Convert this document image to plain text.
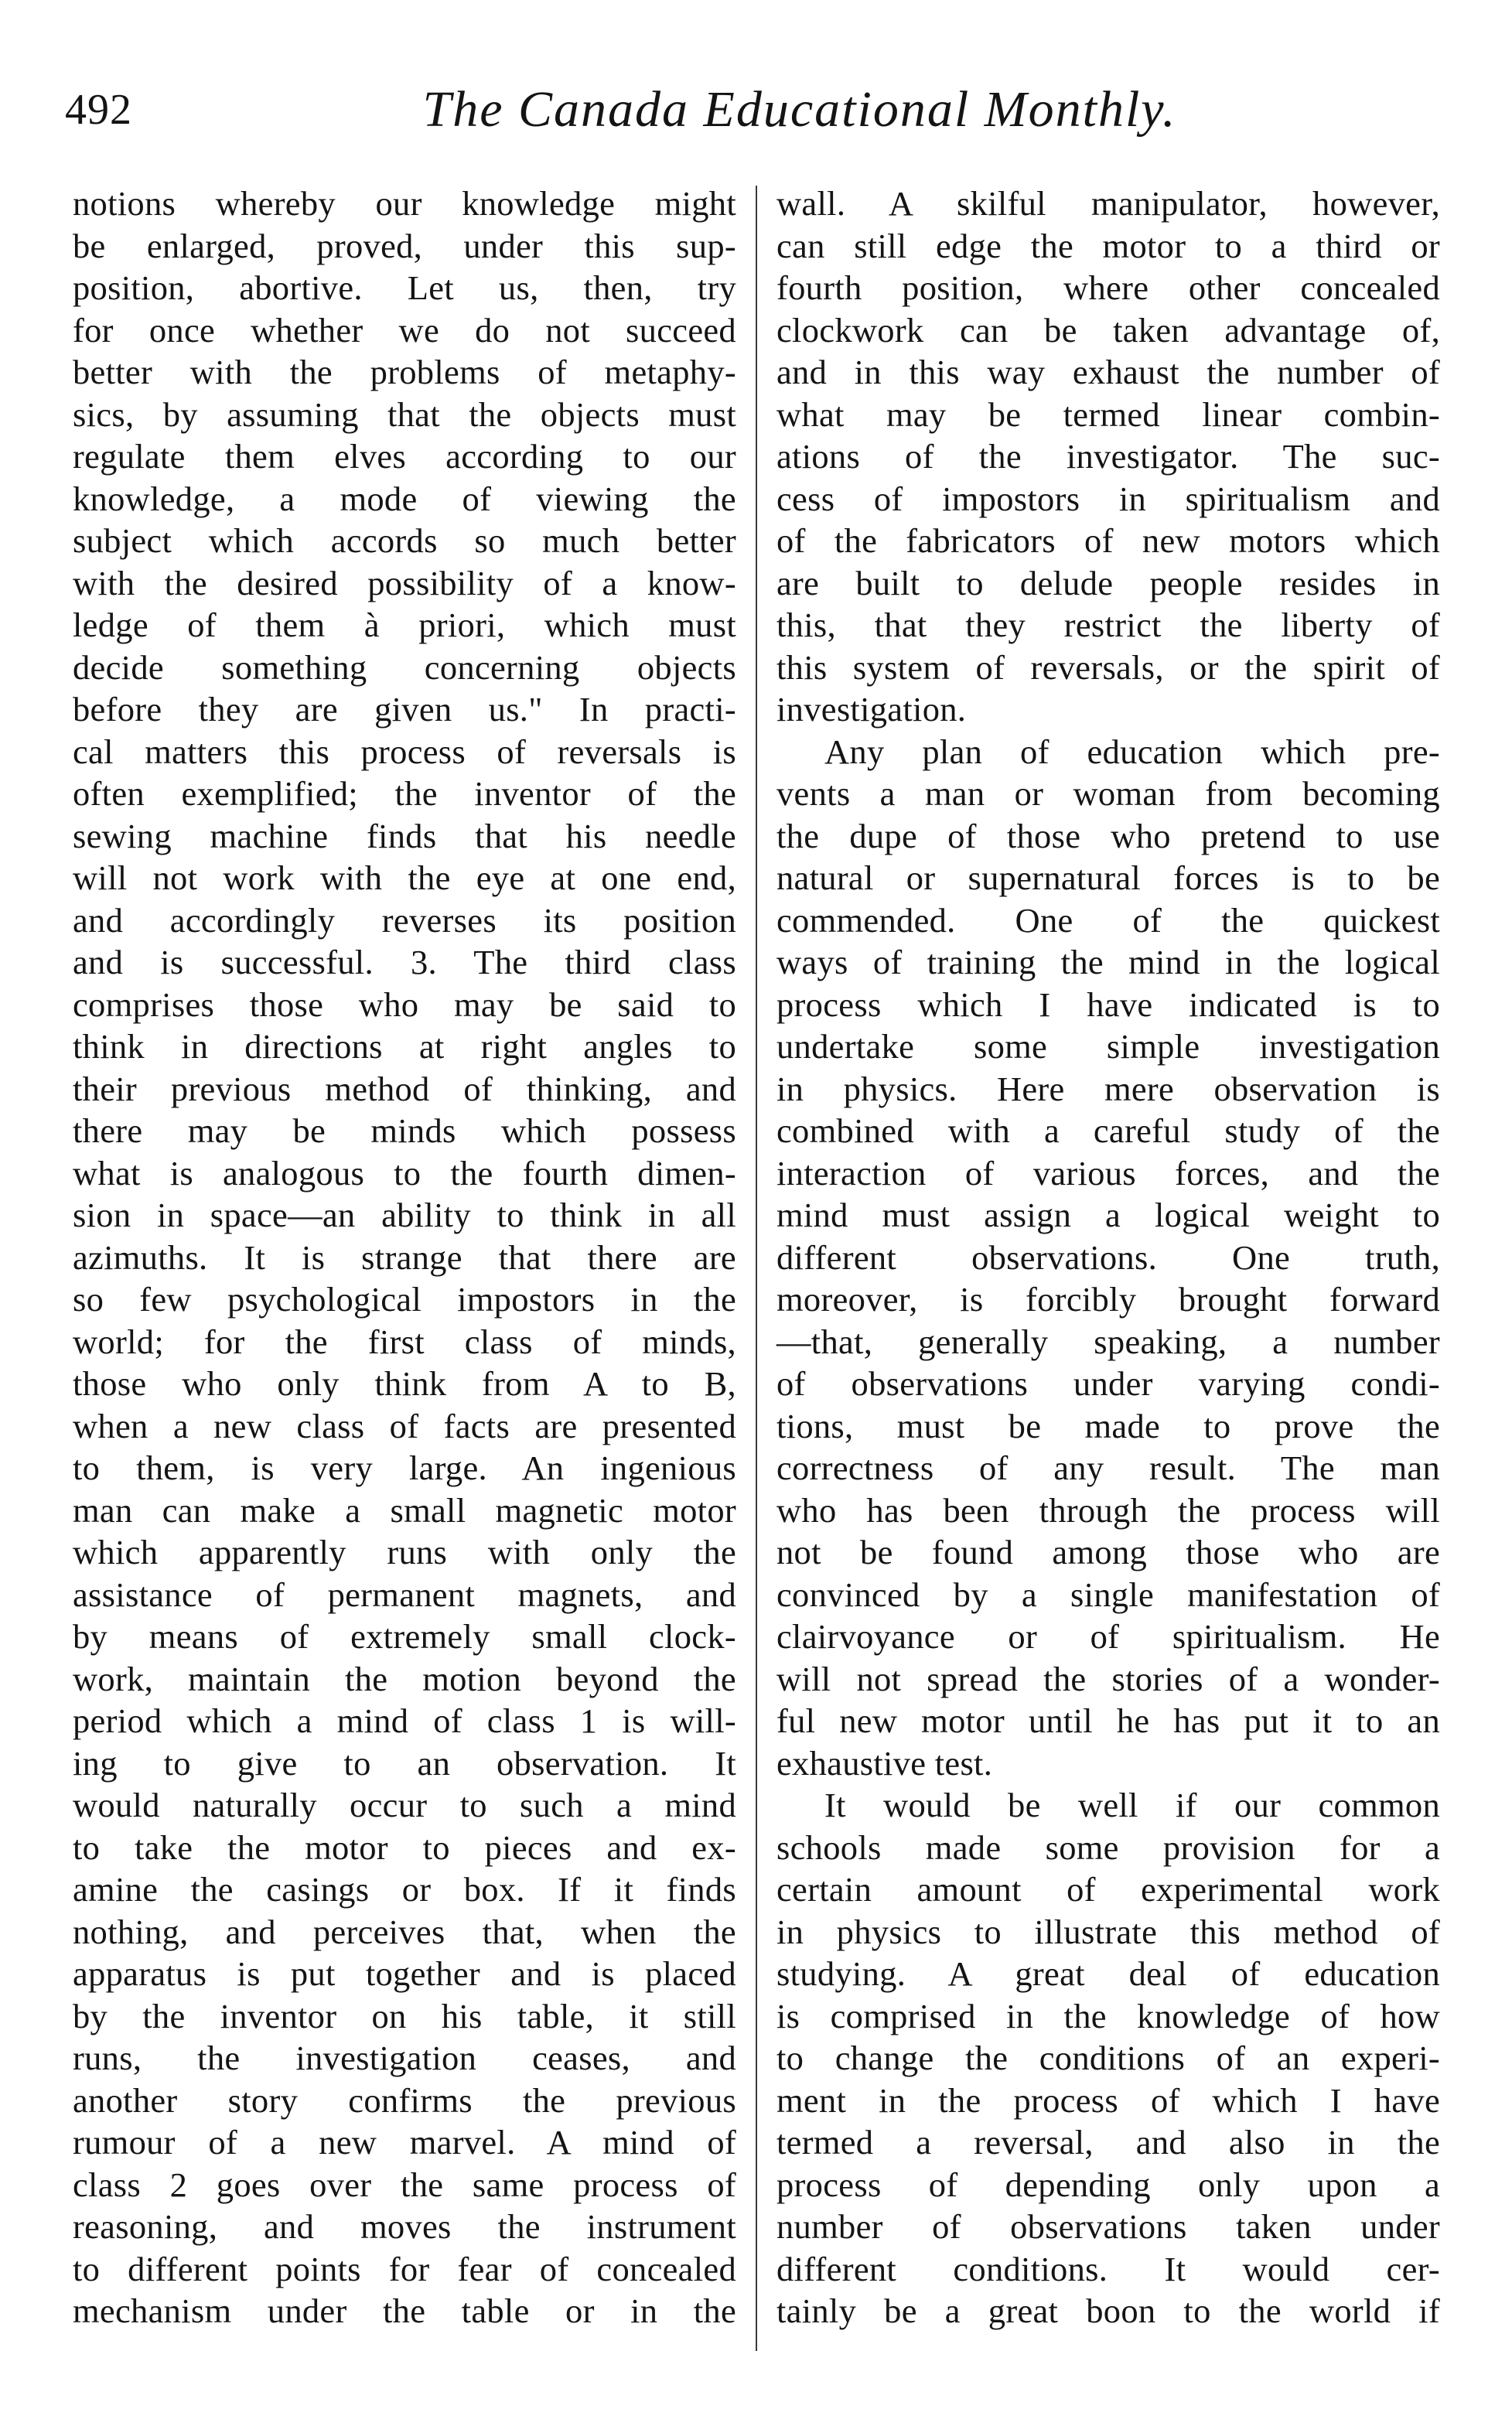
492	The Canada Educational Monthly.
notions whereby our knowledge might
be enlarged, proved, under this sup-
position, abortive. Let us, then, try
for once whether we do not succeed
better with the problems of metaphy-
sics, by assuming that the objects must
regulate them elves according to our
knowledge, a mode of viewing the
subject which accords so much better
with the desired possibility of a know-
ledge of them à priori, which must
decide something concerning objects
before they are given us." In practi-
cal matters this process of reversals is
often exemplified; the inventor of the
sewing machine finds that his needle
will not work with the eye at one end,
and accordingly reverses its position
and is successful. 3. The third class
comprises those who may be said to
think in directions at right angles to
their previous method of thinking, and
there may be minds which possess
what is analogous to the fourth dimen-
sion in space—an ability to think in all
azimuths. It is strange that there are
so few psychological impostors in the
world; for the first class of minds,
those who only think from A to B,
when a new class of facts are presented
to them, is very large. An ingenious
man can make a small magnetic motor
which apparently runs with only the
assistance of permanent magnets, and
by means of extremely small clock-
work, maintain the motion beyond the
period which a mind of class 1 is will-
ing to give to an observation. It
would naturally occur to such a mind
to take the motor to pieces and ex-
amine the casings or box. If it finds
nothing, and perceives that, when the
apparatus is put together and is placed
by the inventor on his table, it still
runs, the investigation ceases, and
another story confirms the previous
rumour of a new marvel. A mind of
class 2 goes over the same process of
reasoning, and moves the instrument
to different points for fear of concealed
mechanism under the table or in the
wall. A skilful manipulator, however,
can still edge the motor to a third or
fourth position, where other concealed
clockwork can be taken advantage of,
and in this way exhaust the number of
what may be termed linear combin-
ations of the investigator. The suc-
cess of impostors in spiritualism and
of the fabricators of new motors which
are built to delude people resides in
this, that they restrict the liberty of
this system of reversals, or the spirit of
investigation.
Any plan of education which pre-
vents a man or woman from becoming
the dupe of those who pretend to use
natural or supernatural forces is to be
commended. One of the quickest
ways of training the mind in the logical
process which I have indicated is to
undertake some simple investigation
in physics. Here mere observation is
combined with a careful study of the
interaction of various forces, and the
mind must assign a logical weight to
different observations. One truth,
moreover, is forcibly brought forward
—that, generally speaking, a number
of observations under varying condi-
tions, must be made to prove the
correctness of any result. The man
who has been through the process will
not be found among those who are
convinced by a single manifestation of
clairvoyance or of spiritualism. He
will not spread the stories of a wonder-
ful new motor until he has put it to an
exhaustive test.
It would be well if our common
schools made some provision for a
certain amount of experimental work
in physics to illustrate this method of
studying. A great deal of education
is comprised in the knowledge of how
to change the conditions of an experi-
ment in the process of which I have
termed a reversal, and also in the
process of depending only upon a
number of observations taken under
different conditions. It would cer-
tainly be a great boon to the world if
